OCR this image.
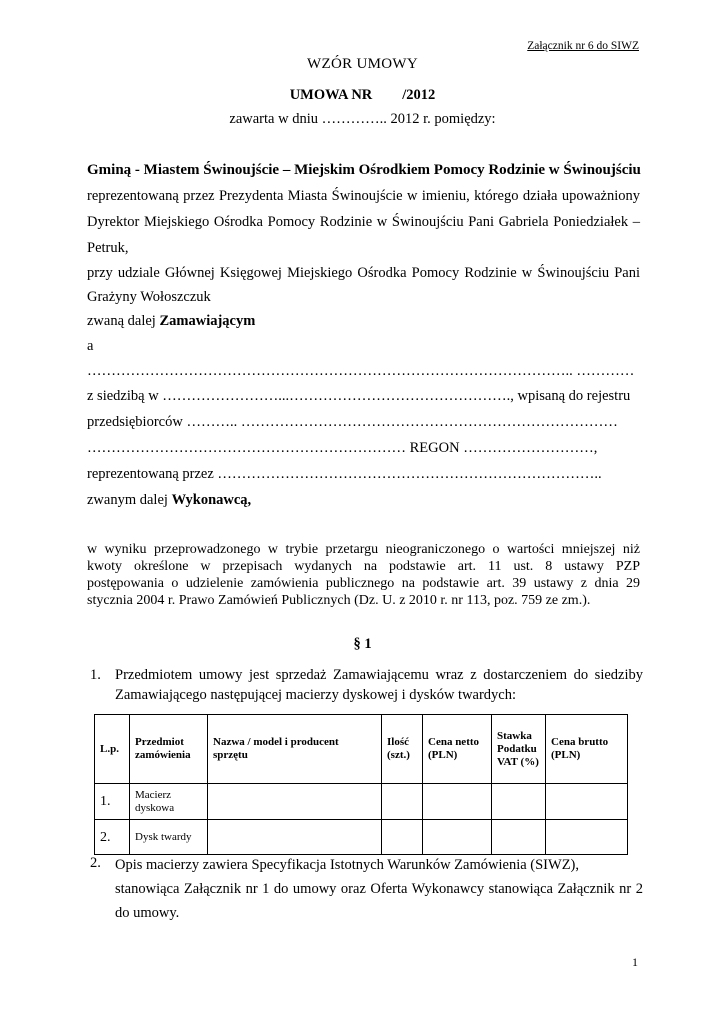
Załącznik nr 6 do SIWZ
WZÓR UMOWY
UMOWA NR /2012
zawarta w dniu ………….. 2012 r. pomiędzy:
Gminą - Miastem Świnoujście – Miejskim Ośrodkiem Pomocy Rodzinie w Świnoujściu
reprezentowaną przez Prezydenta Miasta Świnoujście w imieniu, którego działa upoważniony
Dyrektor Miejskiego Ośrodka Pomocy Rodzinie w Świnoujściu Pani Gabriela Poniedziałek –
Petruk,
przy udziale Głównej Księgowej Miejskiego Ośrodka Pomocy Rodzinie w Świnoujściu Pani
Grażyny Wołoszczuk
zwaną dalej Zamawiającym
a
……………………………………………………………………………………….. …………
z siedzibą w ……………………...………………………………………., wpisaną do rejestru
przedsiębiorców ……….. ……………………………………………………………………
………………………………………………………… REGON ………………………,
reprezentowaną przez ……………………………………………………………………..
zwanym dalej Wykonawcą,
w wyniku przeprowadzonego w trybie przetargu nieograniczonego o wartości mniejszej niż
kwoty określone w przepisach wydanych na podstawie art. 11 ust. 8 ustawy PZP
postępowania o udzielenie zamówienia publicznego na podstawie art. 39 ustawy z dnia 29
stycznia 2004 r. Prawo Zamówień Publicznych (Dz. U. z 2010 r. nr 113, poz. 759 ze zm.).
§ 1
1. Przedmiotem umowy jest sprzedaż Zamawiającemu wraz z dostarczeniem do siedziby
Zamawiającego następującej macierzy dyskowej i dysków twardych:
L.p.	Przedmiot zamówienia	Nazwa / model i producent sprzętu	Ilość (szt.)	Cena netto (PLN)	Stawka Podatku VAT (%)	Cena brutto (PLN)
1.	Macierz dyskowa					
2.	Dysk twardy					
2. Opis macierzy zawiera Specyfikacja Istotnych Warunków Zamówienia (SIWZ),
stanowiąca Załącznik nr 1 do umowy oraz Oferta Wykonawcy stanowiąca Załącznik nr 2
do umowy.
1
